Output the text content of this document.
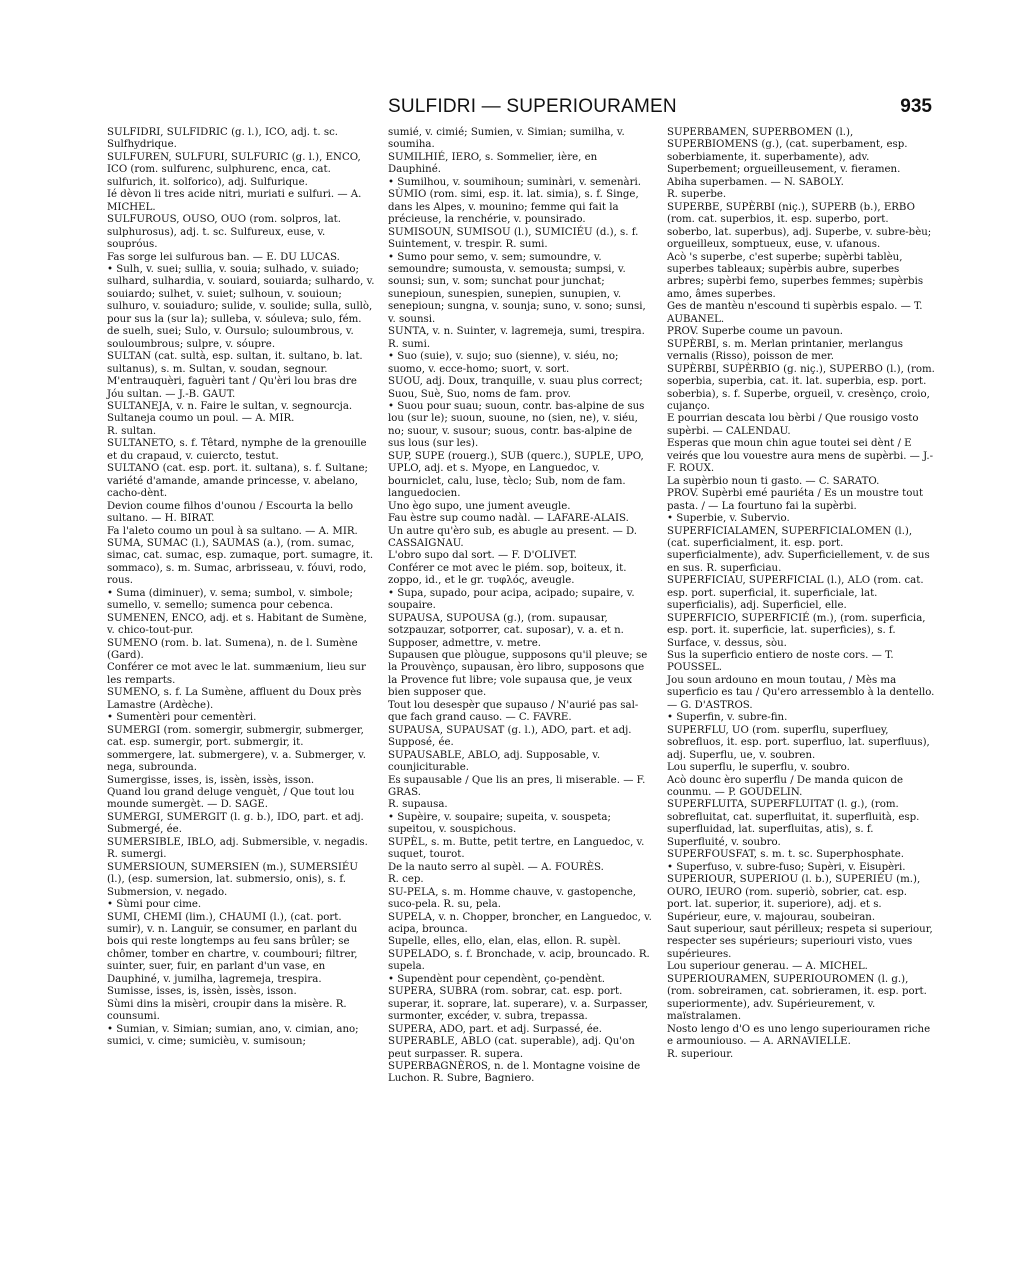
SULFIDRI — SUPERIOURAMEN	935

SULFIDRI, SULFIDRIC (g. l.), ICO, adj. t. sc. Sulfhydrique.

SULFUREN, SULFURI, SULFURIC (g. l.), ENCO, ICO (rom. sulfurenc, sulphurenc, enca, cat. sulfurich, it. solforico), adj. Sulfurique.

Ié dèvon li tres acide nitri, muriati e sulfuri. — A. MICHEL.

SULFUROUS, OUSO, OUO (rom. solpros, lat. sulphurosus), adj. t. sc. Sulfureux, euse, v. soupróus.

Fas sorge lei sulfurous ban. — E. DU LUCAS.

• Sulh, v. suei; sullia, v. souia; sulhado, v. suiado; sulhard, sulhardia, v. souiard, souiarda; sulhardo, v. souiardo; sulhet, v. suiet; sulhoun, v. souioun; sulhuro, v. souiaduro; sulide, v. soulide; sulla, sullò, pour sus la (sur la); sulleba, v. sóuleva; sulo, fém. de suelh, suei; Sulo, v. Oursulo; suloumbrous, v. souloumbrous; sulpre, v. sóupre.

SULTAN (cat. sultà, esp. sultan, it. sultano, b. lat. sultanus), s. m. Sultan, v. soudan, segnour.

M'entrauquèri, faguèri tant / Qu'èri lou bras dre Jóu sultan. — J.-B. GAUT.

SULTANEJA, v. n. Faire le sultan, v. segnourcja.

Sultaneja coumo un poul. — A. MIR.

R. sultan.

SULTANETO, s. f. Têtard, nymphe de la grenouille et du crapaud, v. cuiercto, testut.

SULTANO (cat. esp. port. it. sultana), s. f. Sultane; variété d'amande, amande princesse, v. abelano, cacho-dènt.

Devion coume filhos d'ounou / Escourta la bello sultano. — H. BIRAT.

Fa l'aleto coumo un poul à sa sultano. — A. MIR.

SUMA, SUMAC (l.), SAUMAS (a.), (rom. sumac, simac, cat. sumac, esp. zumaque, port. sumagre, it. sommaco), s. m. Sumac, arbrisseau, v. fóuvi, rodo, rous.

• Suma (diminuer), v. sema; sumbol, v. simbole; sumello, v. semello; sumenca pour cebenca.

SUMENEN, ENCO, adj. et s. Habitant de Sumène, v. chico-tout-pur.

SUMENO (rom. b. lat. Sumena), n. de l. Sumène (Gard).

Conférer ce mot avec le lat. summænium, lieu sur les remparts.

SUMENO, s. f. La Sumène, affluent du Doux près Lamastre (Ardèche).

• Sumentèri pour cementèri.

SUMERGI (rom. somergir, submergir, submerger, cat. esp. sumergir, port. submergir, it. sommergere, lat. submergere), v. a. Submerger, v. nega, subrounda.

Sumergisse, isses, is, issèn, issès, isson.

Quand lou grand deluge venguèt, / Que tout lou mounde sumergèt. — D. SAGE.

SUMERGI, SUMERGIT (l. g. b.), IDO, part. et adj. Submergé, ée.

SUMERSIBLE, IBLO, adj. Submersible, v. negadis. R. sumergi.

SUMERSIOUN, SUMERSIEN (m.), SUMERSIÉU (l.), (esp. sumersion, lat. submersio, onis), s. f. Submersion, v. negado.

• Sùmi pour cime.

SUMI, CHEMI (lim.), CHAUMI (l.), (cat. port. sumir), v. n. Languir, se consumer, en parlant du bois qui reste longtemps au feu sans brûler; se chômer, tomber en chartre, v. coumbouri; filtrer, suinter, suer, fuir, en parlant d'un vase, en Dauphiné, v. jumilha, lagremeja, trespira.

Sumisse, isses, is, issèn, issès, isson.

Sùmi dins la misèri, croupir dans la misère. R. counsumi.

• Sumian, v. Simian; sumian, ano, v. cimian, ano; sumici, v. cime; sumicièu, v. sumisoun;

sumié, v. cimié; Sumien, v. Simian; sumilha, v. soumiha.

SUMILHIÉ, IERO, s. Sommelier, ière, en Dauphiné.

• Sumilhou, v. soumihoun; suminàri, v. semenàri.

SÙMIO (rom. simi, esp. it. lat. simia), s. f. Singe, dans les Alpes, v. mounino; femme qui fait la précieuse, la renchérie, v. pounsirado.

SUMISOUN, SUMISOU (l.), SUMICIÉU (d.), s. f. Suintement, v. trespir. R. sumi.

• Sumo pour semo, v. sem; sumoundre, v. semoundre; sumousta, v. semousta; sumpsi, v. sounsi; sun, v. som; sunchat pour junchat; sunepioun, sunespien, sunepien, sunupien, v. senepioun; sungna, v. sounja; suno, v. sono; sunsi, v. sounsi.

SUNTA, v. n. Suinter, v. lagremeja, sumi, trespira. R. sumi.

• Suo (suie), v. sujo; suo (sienne), v. siéu, no; suomo, v. ecce-homo; suort, v. sort.

SUOU, adj. Doux, tranquille, v. suau plus correct; Suou, Suè, Suo, noms de fam. prov.

• Suou pour suau; suoun, contr. bas-alpine de sus lou (sur le); suoun, suoune, no (sien, ne), v. siéu, no; suour, v. susour; suous, contr. bas-alpine de sus lous (sur les).

SUP, SUPE (rouerg.), SUB (querc.), SUPLE, UPO, UPLO, adj. et s. Myope, en Languedoc, v. bourniclet, calu, luse, tèclo; Sub, nom de fam. languedocien.

Uno ègo supo, une jument aveugle.

Fau èstre sup coumo nadàl. — LAFARE-ALAIS.

Un autre qu'èro sub, es abugle au present. — D. CASSAIGNAU.

L'obro supo dal sort. — F. D'OLIVET.

Conférer ce mot avec le piém. sop, boiteux, it. zoppo, id., et le gr. τυφλός, aveugle.

• Supa, supado, pour acipa, acipado; supaire, v. soupaire.

SUPAUSA, SUPOUSA (g.), (rom. supausar, sotzpauzar, sotporrer, cat. suposar), v. a. et n. Supposer, admettre, v. metre.

Supausen que plòugue, supposons qu'il pleuve; se la Prouvènço, supausan, èro libro, supposons que la Provence fut libre; vole supausa que, je veux bien supposer que.

Tout lou desespèr que supauso / N'aurié pas sal-que fach grand causo. — C. FAVRE.

SUPAUSA, SUPAUSAT (g. l.), ADO, part. et adj. Supposé, ée.

SUPAUSABLE, ABLO, adj. Supposable, v. counjiciturable.

Es supausable / Que lis an pres, li miserable. — F. GRAS.

R. supausa.

• Supèire, v. soupaire; supeita, v. souspeta; supeitou, v. souspichous.

SUPÈL, s. m. Butte, petit tertre, en Languedoc, v. suquet, tourot.

De la nauto serro al supèl. — A. FOURÈS.

R. cep.

SU-PELA, s. m. Homme chauve, v. gastopenche, suco-pela. R. su, pela.

SUPELA, v. n. Chopper, broncher, en Languedoc, v. acipa, brounca.

Supelle, elles, ello, elan, elas, ellon. R. supèl.

SUPELADO, s. f. Bronchade, v. acip, brouncado. R. supela.

• Supendènt pour cependènt, ço-pendènt.

SUPERA, SUBRA (rom. sobrar, cat. esp. port. superar, it. soprare, lat. superare), v. a. Surpasser, surmonter, excéder, v. subra, trepassa.

SUPERA, ADO, part. et adj. Surpassé, ée.

SUPERABLE, ABLO (cat. superable), adj. Qu'on peut surpasser. R. supera.

SUPERBAGNÈROS, n. de l. Montagne voisine de Luchon. R. Subre, Bagniero.

SUPERBAMEN, SUPERBOMEN (l.), SUPERBIOMENS (g.), (cat. superbament, esp. soberbiamente, it. superbamente), adv. Superbement; orgueilleusement, v. fieramen.

Abiha superbamen. — N. SABOLY.

R. superbe.

SUPERBE, SUPÈRBI (niç.), SUPERB (b.), ERBO (rom. cat. superbios, it. esp. superbo, port. soberbo, lat. superbus), adj. Superbe, v. subre-bèu; orgueilleux, somptueux, euse, v. ufanous.

Acò 's superbe, c'est superbe; supèrbi tablèu, superbes tableaux; supèrbis aubre, superbes arbres; supèrbi femo, superbes femmes; supèrbis amo, âmes superbes.

Ges de mantèu n'escound ti supèrbis espalo. — T. AUBANEL.

PROV. Superbe coume un pavoun.

SUPÈRBI, s. m. Merlan printanier, merlangus vernalis (Risso), poisson de mer.

SUPÈRBI, SUPÈRBIO (g. niç.), SUPERBO (l.), (rom. soperbia, superbia, cat. it. lat. superbia, esp. port. soberbia), s. f. Superbe, orgueil, v. cresènço, croio, cujanço.

E pourrian descata lou bèrbi / Que rousigo vosto supèrbi. — CALENDAU.

Esperas que moun chin ague toutei sei dènt / E veirés que lou vouestre aura mens de supèrbi. — J.-F. ROUX.

La supèrbio noun ti gasto. — C. SARATO.

PROV. Supèrbi emé pauriéta / Es un moustre tout pasta. / — La fourtuno fai la supèrbi.

• Superbie, v. Subervio.

SUPERFICIALAMEN, SUPERFICIALOMEN (l.), (cat. superficialment, it. esp. port. superficialmente), adv. Superficiellement, v. de sus en sus. R. superficiau.

SUPERFICIAU, SUPERFICIAL (l.), ALO (rom. cat. esp. port. superficial, it. superficiale, lat. superficialis), adj. Superficiel, elle.

SUPERFICIO, SUPERFICIÉ (m.), (rom. superficia, esp. port. it. superficie, lat. superficies), s. f. Surface, v. dessus, sòu.

Sus la superficio entiero de noste cors. — T. POUSSEL.

Jou soun ardouno en moun toutau, / Mès ma superficio es tau / Qu'ero arressemblo à la dentello. — G. D'ASTROS.

• Superfin, v. subre-fin.

SUPERFLU, UO (rom. superflu, superfluey, sobrefluos, it. esp. port. superfluo, lat. superfluus), adj. Superflu, ue, v. soubren.

Lou superflu, le superflu, v. soubro.

Acò dounc èro superflu / De manda quicon de counmu. — P. GOUDELIN.

SUPERFLUITA, SUPERFLUITAT (l. g.), (rom. sobrefluitat, cat. superfluitat, it. superfluità, esp. superfluidad, lat. superfluitas, atis), s. f. Superfluité, v. soubro.

SUPERFOUSFAT, s. m. t. sc. Superphosphate.

• Superfuso, v. subre-fuso; Supèri, v. Eisupèri.

SUPERIOUR, SUPERIOU (l. b.), SUPERIÉU (m.), OURO, IEURO (rom. superiò, sobrier, cat. esp. port. lat. superior, it. superiore), adj. et s. Supérieur, eure, v. majourau, soubeiran.

Saut superiour, saut périlleux; respeta si superiour, respecter ses supérieurs; superiouri visto, vues supérieures.

Lou superiour generau. — A. MICHEL.

SUPERIOURAMEN, SUPERIOUROMEN (l. g.), (rom. sobreiramen, cat. sobrieramen, it. esp. port. superiormente), adv. Supérieurement, v. maïstralamen.

Nosto lengo d'O es uno lengo superiouramen riche e armouniouso. — A. ARNAVIELLE.

R. superiour.
